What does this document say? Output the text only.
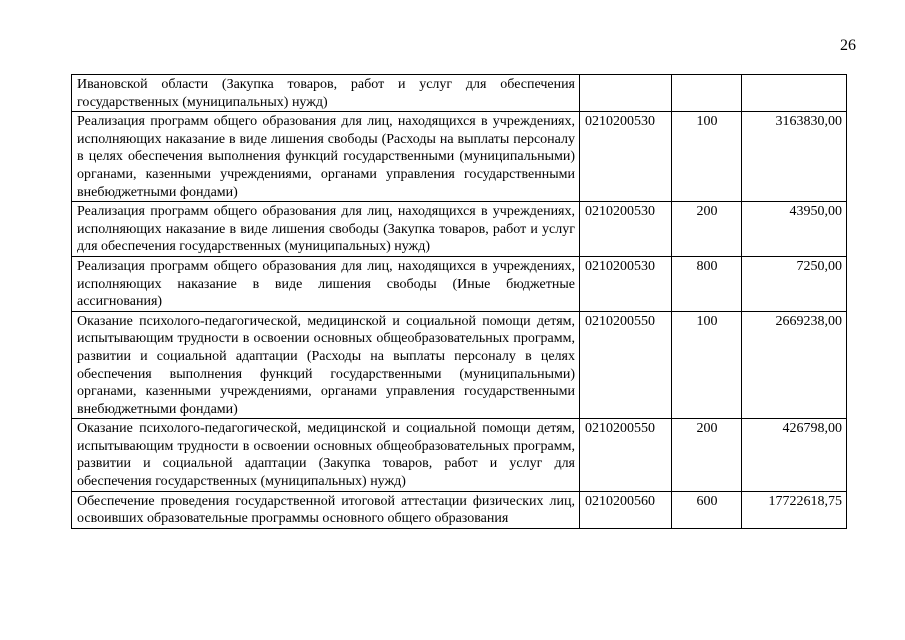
26
Ивановской области (Закупка товаров, работ и услуг для обеспечения государственных (муниципальных) нужд)			
Реализация программ общего образования для лиц, находящихся в учреждениях, исполняющих наказание в виде лишения свободы (Расходы на выплаты персоналу в целях обеспечения выполнения функций государственными (муниципальными) органами, казенными учреждениями, органами управления государственными внебюджетными фондами)	0210200530	100	3163830,00
Реализация программ общего образования для лиц, находящихся в учреждениях, исполняющих наказание в виде лишения свободы (Закупка товаров, работ и услуг для обеспечения государственных (муниципальных) нужд)	0210200530	200	43950,00
Реализация программ общего образования для лиц, находящихся в учреждениях, исполняющих наказание в виде лишения свободы (Иные бюджетные ассигнования)	0210200530	800	7250,00
Оказание психолого-педагогической, медицинской и социальной помощи детям, испытывающим трудности в освоении основных общеобразовательных программ, развитии и социальной адаптации (Расходы на выплаты персоналу в целях обеспечения выполнения функций государственными (муниципальными) органами, казенными учреждениями, органами управления государственными внебюджетными фондами)	0210200550	100	2669238,00
Оказание психолого-педагогической, медицинской и социальной помощи детям, испытывающим трудности в освоении основных общеобразовательных программ, развитии и социальной адаптации (Закупка товаров, работ и услуг для обеспечения государственных (муниципальных) нужд)	0210200550	200	426798,00
Обеспечение проведения государственной итоговой аттестации физических лиц, освоивших образовательные программы основного общего образования	0210200560	600	17722618,75
